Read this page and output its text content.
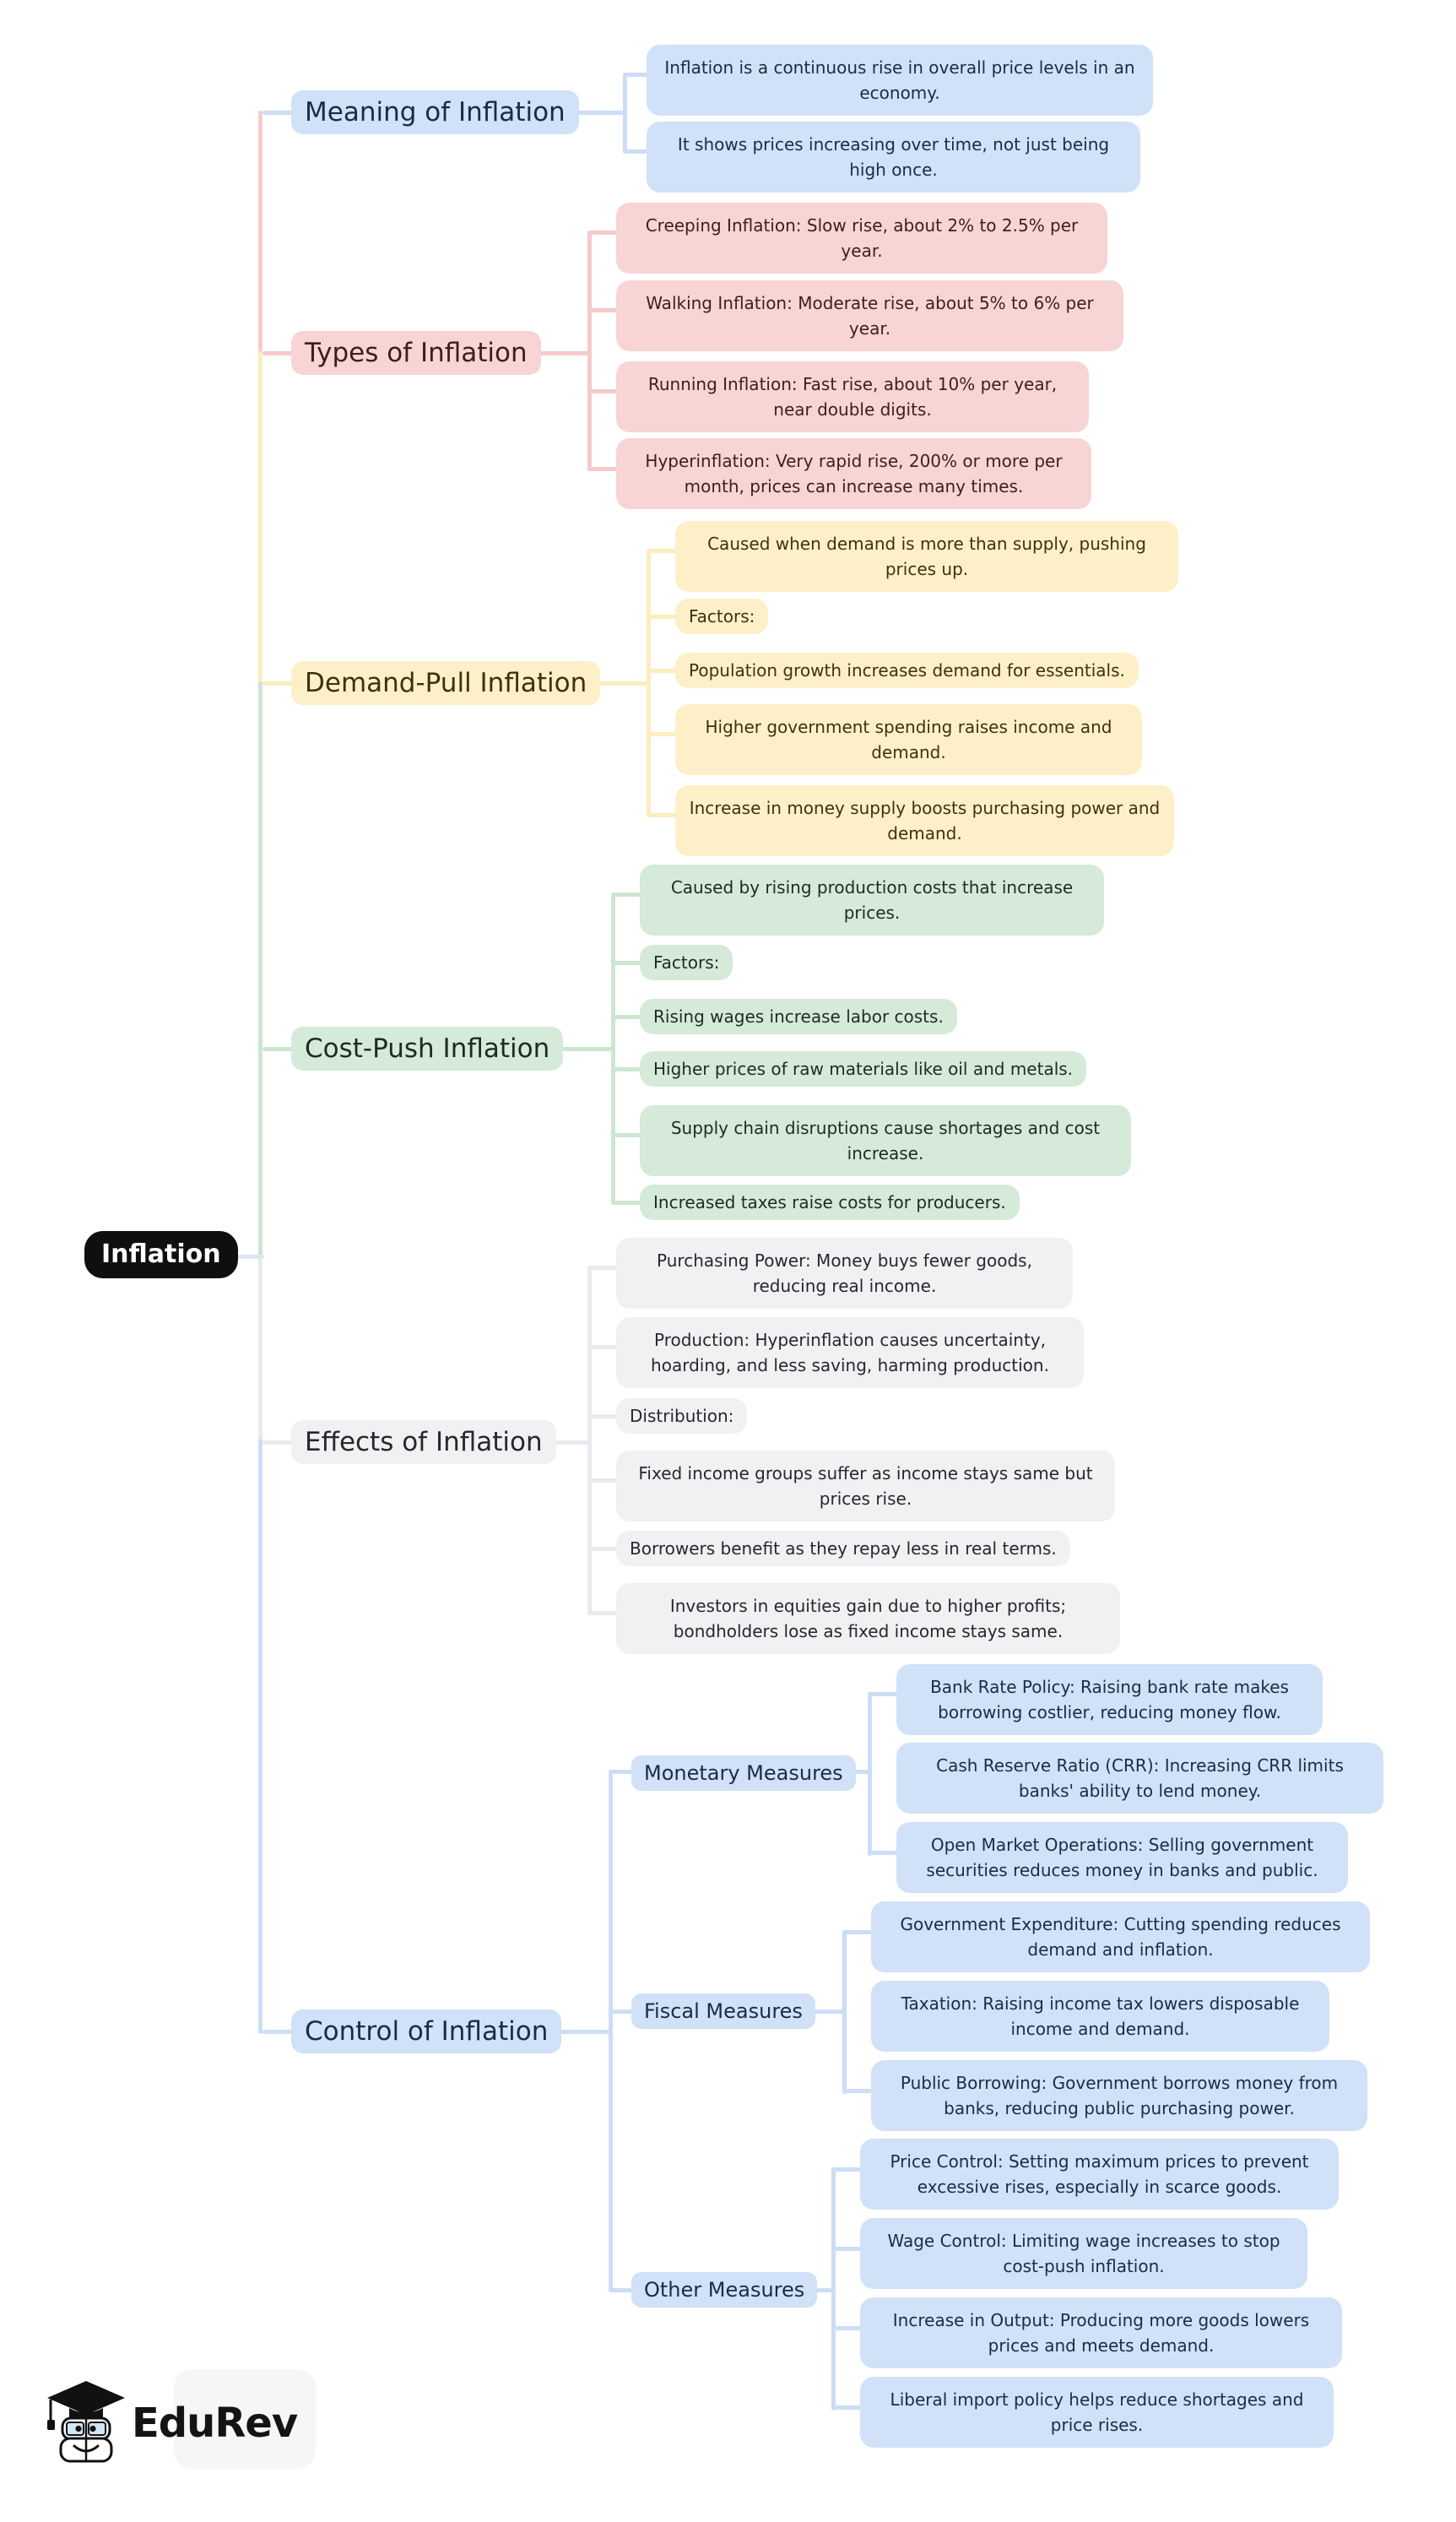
Meaning of Inflation
Inflation is a continuous rise in overall price levels in an economy.
It shows prices increasing over time, not just being high once.
Types of Inflation
Creeping Inflation: Slow rise, about 2% to 2.5% per year.
Walking Inflation: Moderate rise, about 5% to 6% per year.
Running Inflation: Fast rise, about 10% per year, near double digits.
Hyperinflation: Very rapid rise, 200% or more per month, prices can increase many times.
Demand-Pull Inflation
Caused when demand is more than supply, pushing prices up.
Factors:
Population growth increases demand for essentials.
Higher government spending raises income and demand.
Increase in money supply boosts purchasing power and demand.
Cost-Push Inflation
Caused by rising production costs that increase prices.
Factors:
Rising wages increase labor costs.
Higher prices of raw materials like oil and metals.
Supply chain disruptions cause shortages and cost increase.
Increased taxes raise costs for producers.
Inflation
Effects of Inflation
Purchasing Power: Money buys fewer goods, reducing real income.
Production: Hyperinflation causes uncertainty, hoarding, and less saving, harming production.
Distribution:
Fixed income groups suffer as income stays same but prices rise.
Borrowers benefit as they repay less in real terms.
Investors in equities gain due to higher profits; bondholders lose as fixed income stays same.
Control of Inflation
Monetary Measures
Bank Rate Policy: Raising bank rate makes borrowing costlier, reducing money flow.
Cash Reserve Ratio (CRR): Increasing CRR limits banks' ability to lend money.
Open Market Operations: Selling government securities reduces money in banks and public.
Fiscal Measures
Government Expenditure: Cutting spending reduces demand and inflation.
Taxation: Raising income tax lowers disposable income and demand.
Public Borrowing: Government borrows money from banks, reducing public purchasing power.
Other Measures
Price Control: Setting maximum prices to prevent excessive rises, especially in scarce goods.
Wage Control: Limiting wage increases to stop cost-push inflation.
Increase in Output: Producing more goods lowers prices and meets demand.
Liberal import policy helps reduce shortages and price rises.
EduRev
